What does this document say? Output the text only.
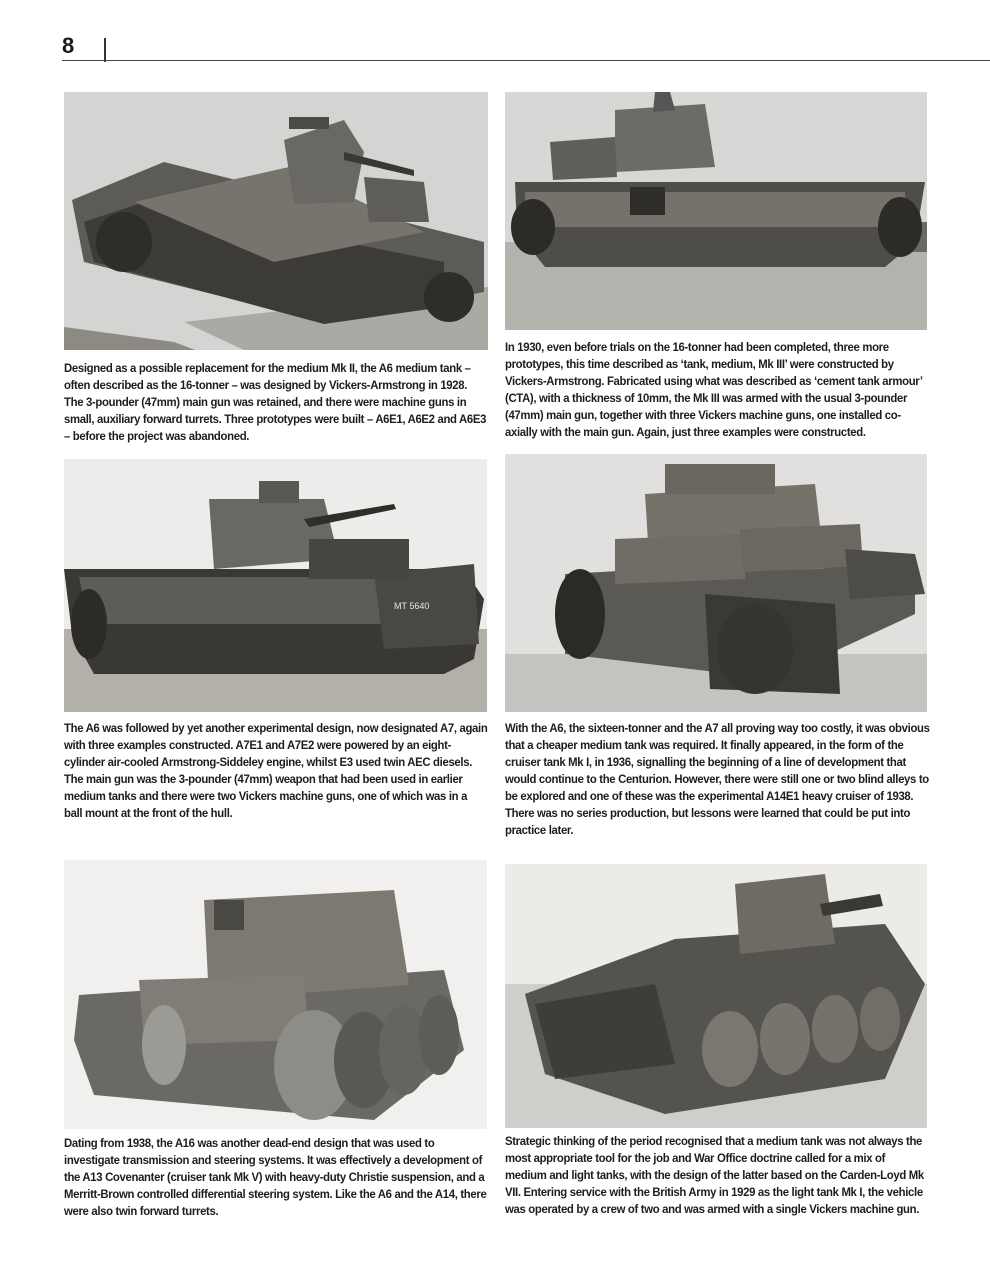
8

Designed as a possible replacement for the medium Mk II, the A6 medium tank – often described as the 16-tonner – was designed by Vickers-Armstrong in 1928. The 3-pounder (47mm) main gun was retained, and there were machine guns in small, auxiliary forward turrets. Three prototypes were built – A6E1, A6E2 and A6E3 – before the project was abandoned.

In 1930, even before trials on the 16-tonner had been completed, three more prototypes, this time described as ‘tank, medium, Mk III’ were constructed by Vickers-Armstrong. Fabricated using what was described as ‘cement tank armour’ (CTA), with a thickness of 10mm, the Mk III was armed with the usual 3-pounder (47mm) main gun, together with three Vickers machine guns, one installed co-axially with the main gun. Again, just three examples were constructed.

MT 5640

The A6 was followed by yet another experimental design, now designated A7, again with three examples constructed. A7E1 and A7E2 were powered by an eight-cylinder air-cooled Armstrong-Siddeley engine, whilst E3 used twin AEC diesels. The main gun was the 3-pounder (47mm) weapon that had been used in earlier medium tanks and there were two Vickers machine guns, one of which was in a ball mount at the front of the hull.

With the A6, the sixteen-tonner and the A7 all proving way too costly, it was obvious that a cheaper medium tank was required. It finally appeared, in the form of the cruiser tank Mk I, in 1936, signalling the beginning of a line of development that would continue to the Centurion. However, there were still one or two blind alleys to be explored and one of these was the experimental A14E1 heavy cruiser of 1938. There was no series production, but lessons were learned that could be put into practice later.

Dating from 1938, the A16 was another dead-end design that was used to investigate transmission and steering systems. It was effectively a development of the A13 Covenanter (cruiser tank Mk V) with heavy-duty Christie suspension, and a Merritt-Brown controlled differential steering system. Like the A6 and the A14, there were also twin forward turrets.

Strategic thinking of the period recognised that a medium tank was not always the most appropriate tool for the job and War Office doctrine called for a mix of medium and light tanks, with the design of the latter based on the Carden-Loyd Mk VII. Entering service with the British Army in 1929 as the light tank Mk I, the vehicle was operated by a crew of two and was armed with a single Vickers machine gun.
